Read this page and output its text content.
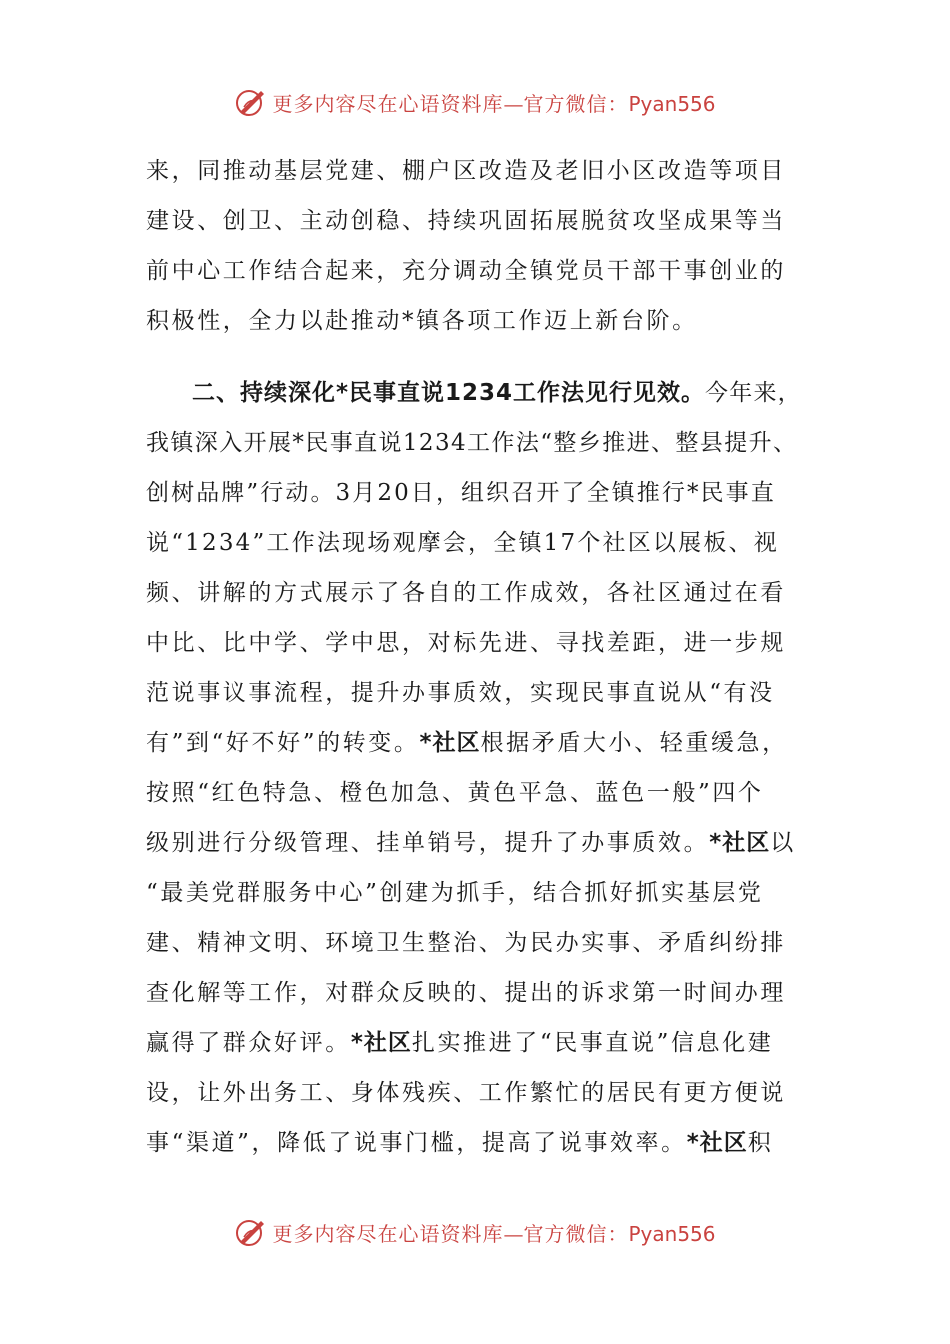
更多内容尽在心语资料库—官方微信：Pyan556
来，同推动基层党建、棚户区改造及老旧小区改造等项目
建设、创卫、主动创稳、持续巩固拓展脱贫攻坚成果等当
前中心工作结合起来，充分调动全镇党员干部干事创业的
积极性，全力以赴推动*镇各项工作迈上新台阶。
二、持续深化*民事直说1234工作法见行见效。今年来，
我镇深入开展*民事直说1234工作法“整乡推进、整县提升、
创树品牌”行动。3月20日，组织召开了全镇推行*民事直
说“1234”工作法现场观摩会，全镇17个社区以展板、视
频、讲解的方式展示了各自的工作成效，各社区通过在看
中比、比中学、学中思，对标先进、寻找差距，进一步规
范说事议事流程，提升办事质效，实现民事直说从“有没
有”到“好不好”的转变。*社区根据矛盾大小、轻重缓急，
按照“红色特急、橙色加急、黄色平急、蓝色一般”四个
级别进行分级管理、挂单销号，提升了办事质效。*社区以
“最美党群服务中心”创建为抓手，结合抓好抓实基层党
建、精神文明、环境卫生整治、为民办实事、矛盾纠纷排
查化解等工作，对群众反映的、提出的诉求第一时间办理
赢得了群众好评。*社区扎实推进了“民事直说”信息化建
设，让外出务工、身体残疾、工作繁忙的居民有更方便说
事“渠道”，降低了说事门槛，提高了说事效率。*社区积
更多内容尽在心语资料库—官方微信：Pyan556
